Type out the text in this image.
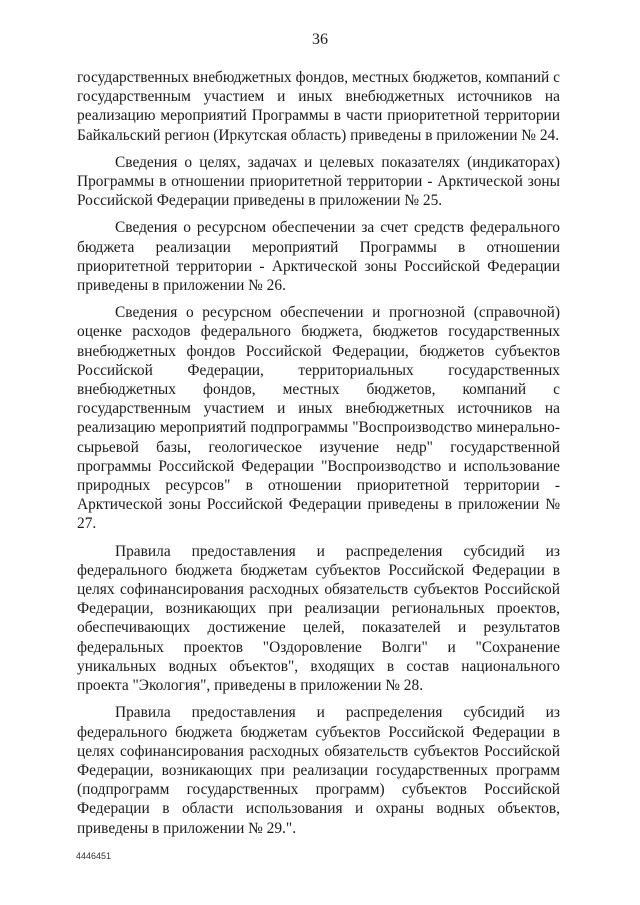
36

государственных внебюджетных фондов, местных бюджетов, компаний с государственным участием и иных внебюджетных источников на реализацию мероприятий Программы в части приоритетной территории Байкальский регион (Иркутская область) приведены в приложении № 24.

Сведения о целях, задачах и целевых показателях (индикаторах) Программы в отношении приоритетной территории - Арктической зоны Российской Федерации приведены в приложении № 25.

Сведения о ресурсном обеспечении за счет средств федерального бюджета реализации мероприятий Программы в отношении приоритетной территории - Арктической зоны Российской Федерации приведены в приложении № 26.

Сведения о ресурсном обеспечении и прогнозной (справочной) оценке расходов федерального бюджета, бюджетов государственных внебюджетных фондов Российской Федерации, бюджетов субъектов Российской Федерации, территориальных государственных внебюджетных фондов, местных бюджетов, компаний с государственным участием и иных внебюджетных источников на реализацию мероприятий подпрограммы "Воспроизводство минерально-сырьевой базы, геологическое изучение недр" государственной программы Российской Федерации "Воспроизводство и использование природных ресурсов" в отношении приоритетной территории - Арктической зоны Российской Федерации приведены в приложении № 27.

Правила предоставления и распределения субсидий из федерального бюджета бюджетам субъектов Российской Федерации в целях софинансирования расходных обязательств субъектов Российской Федерации, возникающих при реализации региональных проектов, обеспечивающих достижение целей, показателей и результатов федеральных проектов "Оздоровление Волги" и "Сохранение уникальных водных объектов", входящих в состав национального проекта "Экология", приведены в приложении № 28.

Правила предоставления и распределения субсидий из федерального бюджета бюджетам субъектов Российской Федерации в целях софинансирования расходных обязательств субъектов Российской Федерации, возникающих при реализации государственных программ (подпрограмм государственных программ) субъектов Российской Федерации в области использования и охраны водных объектов, приведены в приложении № 29.".

4446451
